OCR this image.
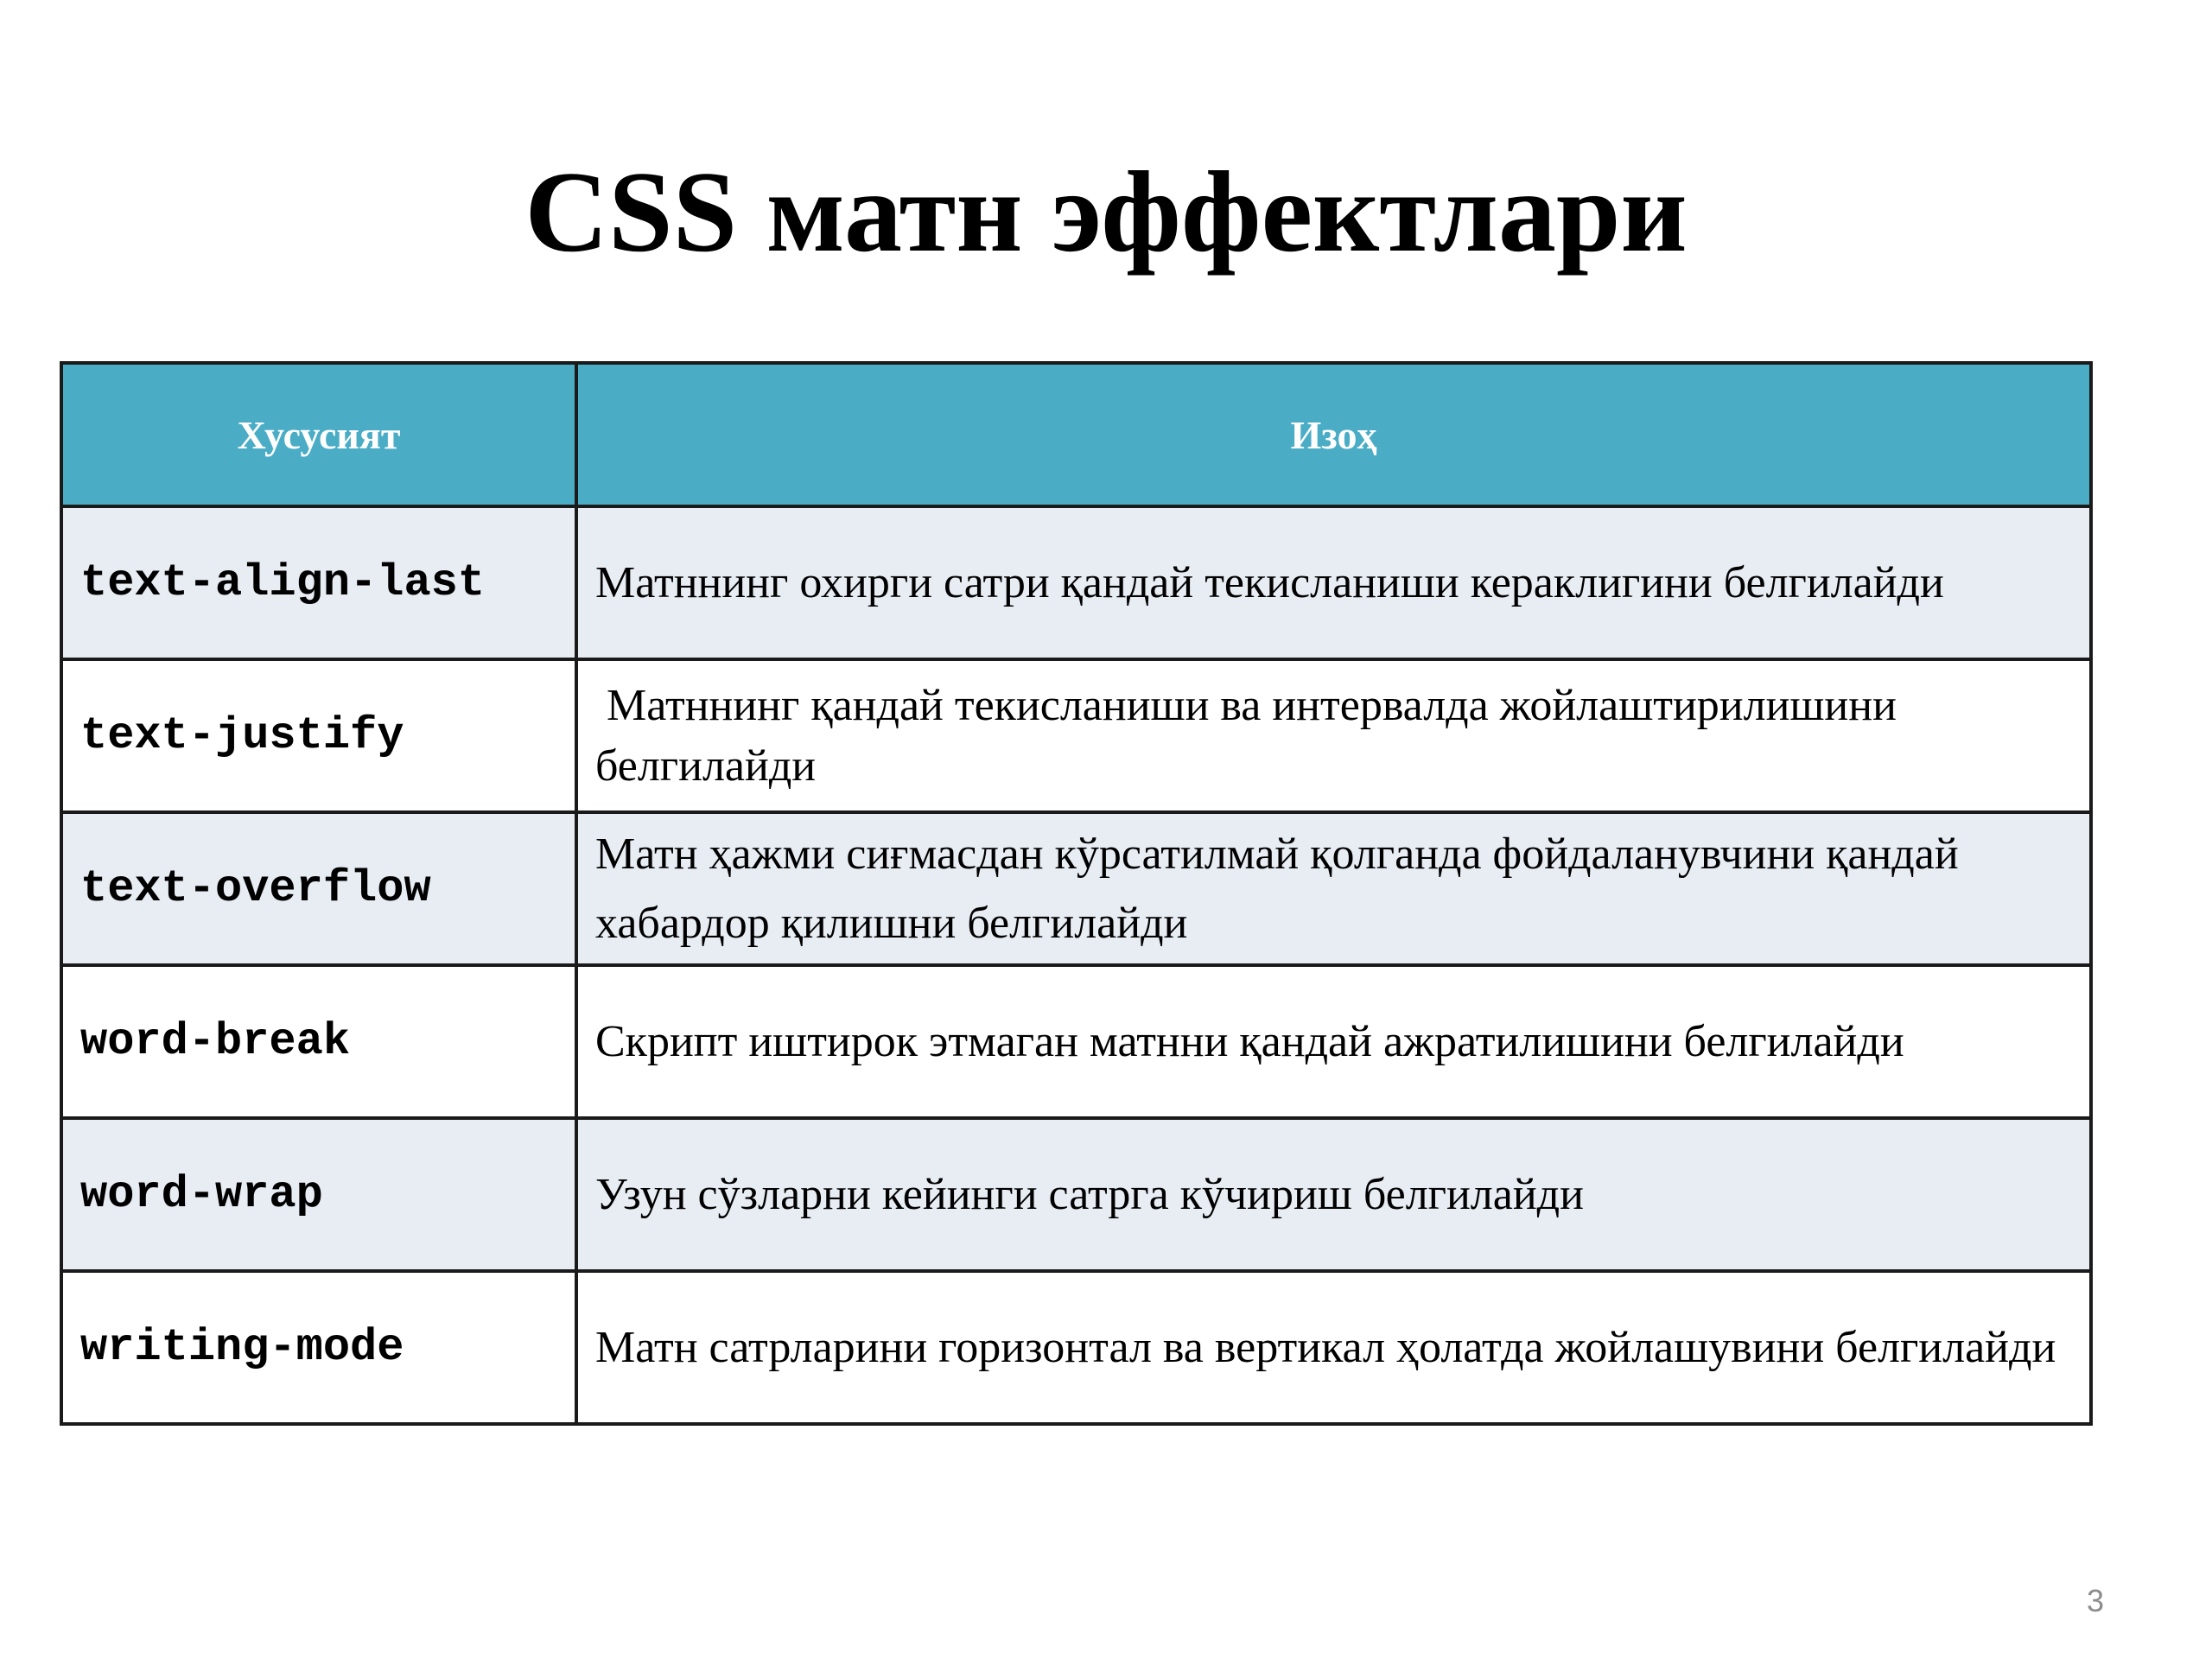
CSS матн эффектлари
Хусусият	Изоҳ
text-align-last	Матннинг охирги сатри қандай текисланиши кераклигини белгилайди
text-justify	Матннинг қандай текисланиши ва интервалда жойлаштирилишини белгилайди
text-overflow	Матн ҳажми сиғмасдан кўрсатилмай қолганда фойдаланувчини қандай хабардор қилишни белгилайди
word-break	Скрипт иштирок этмаган матнни қандай ажратилишини белгилайди
word-wrap	Узун сўзларни кейинги сатрга кўчириш белгилайди
writing-mode	Матн сатрларини горизонтал ва вертикал ҳолатда жойлашувини белгилайди
3
